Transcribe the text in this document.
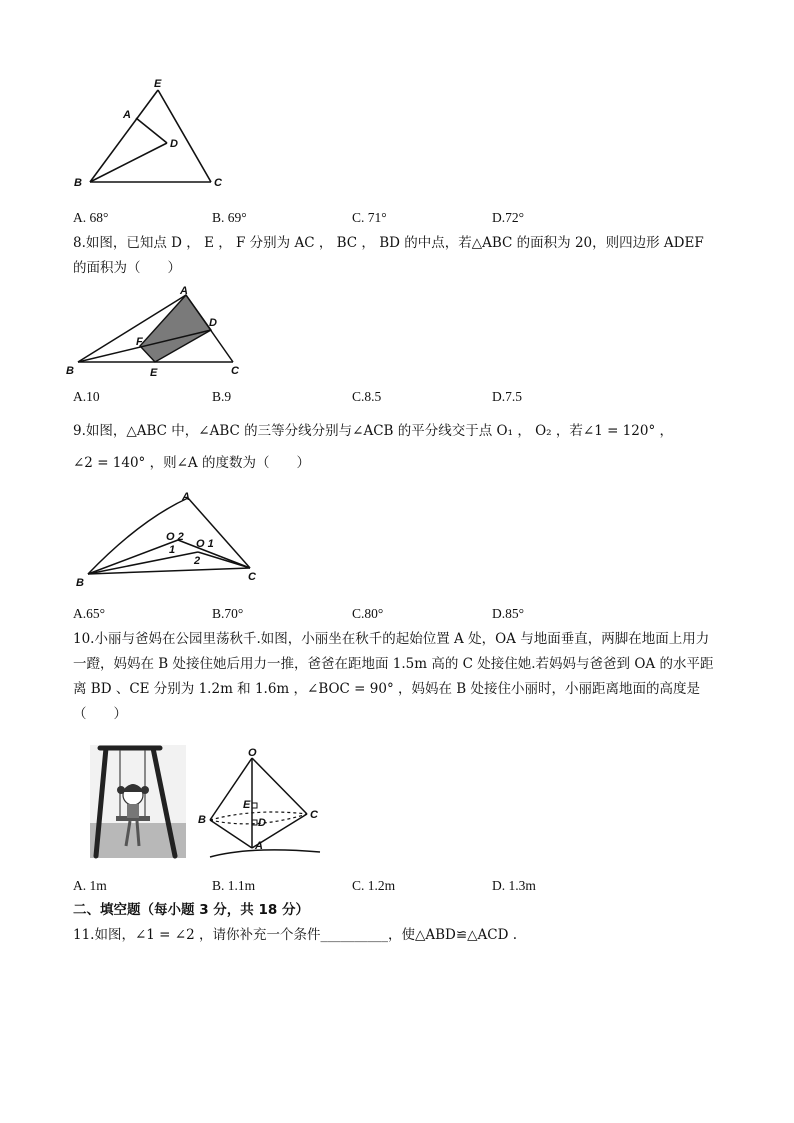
E
A
D
B	C
A. 68°	B. 69°	C. 71°	D.72°
8.如图，已知点 D ， E ， F 分别为 AC ， BC ， BD 的中点，若△ABC 的面积为 20，则四边形 ADEF
的面积为（　　）
A
D
F
B	E	C
A.10	B.9	C.8.5	D.7.5
9.如图，△ABC 中，∠ABC 的三等分线分别与∠ACB 的平分线交于点 O₁ ， O₂ ，若∠1 = 120° ，
∠2 = 140° ，则∠A 的度数为（　　）
A
O 2
O 1
1
2
B	C
A.65°	B.70°	C.80°	D.85°
10.小丽与爸妈在公园里荡秋千.如图，小丽坐在秋千的起始位置 A 处，OA 与地面垂直，两脚在地面上用力
一蹬，妈妈在 B 处接住她后用力一推，爸爸在距地面 1.5m 高的 C 处接住她.若妈妈与爸爸到 OA 的水平距
离 BD 、CE 分别为 1.2m 和 1.6m ，∠BOC = 90° ，妈妈在 B 处接住小丽时，小丽距离地面的高度是
（　　）
O
B	C
E
D
A
A. 1m	B. 1.1m	C. 1.2m	D. 1.3m
二、填空题（每小题 3 分，共 18 分）
11.如图，∠1 = ∠2 ，请你补充一个条件__________，使△ABD≌△ACD .
